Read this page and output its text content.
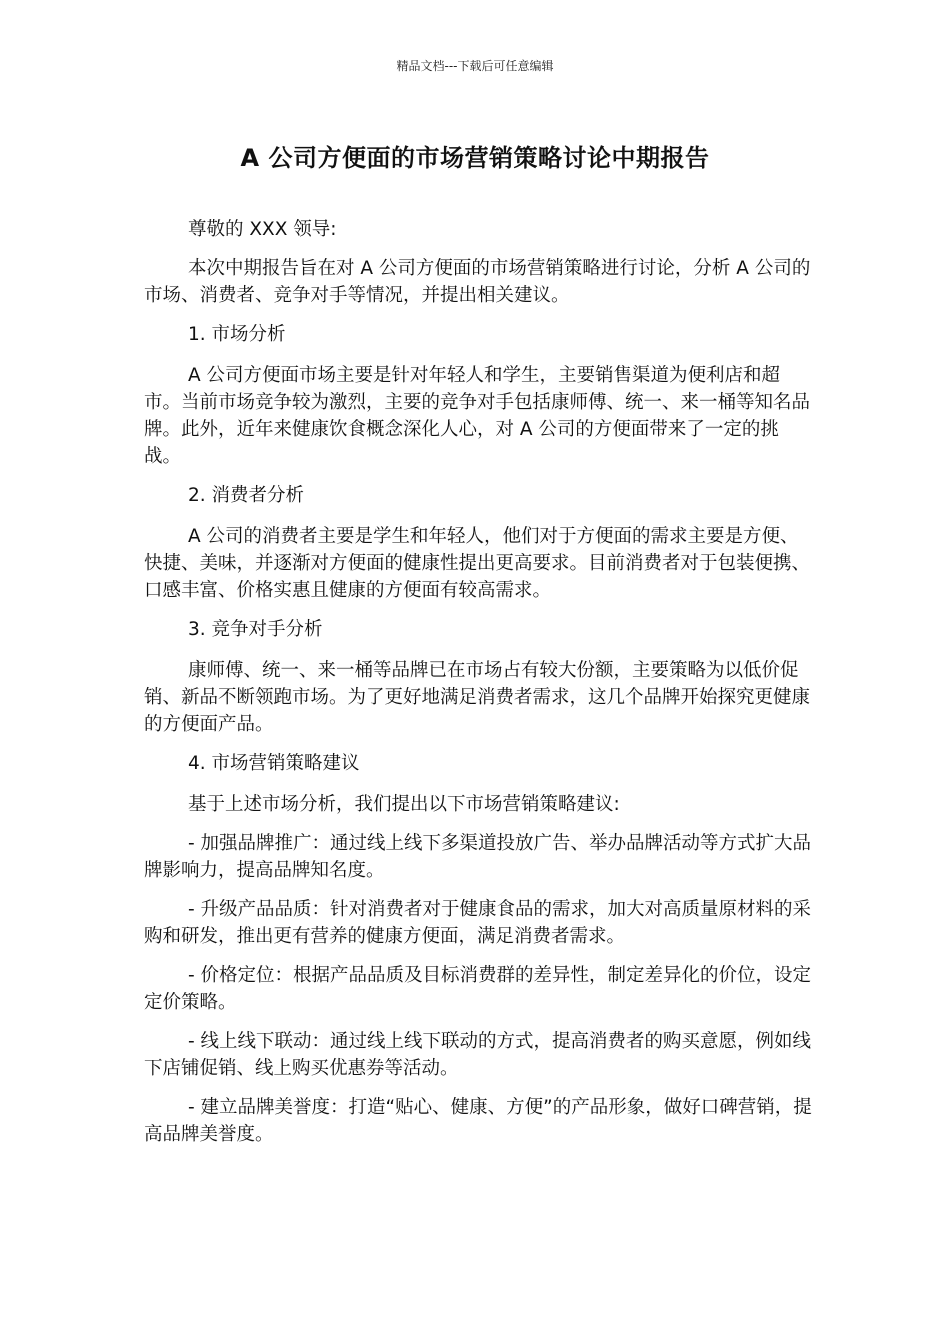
精品文档---下载后可任意编辑
A 公司方便面的市场营销策略讨论中期报告

尊敬的 XXX 领导:

本次中期报告旨在对 A 公司方便面的市场营销策略进行讨论，分析 A 公司的市场、消费者、竞争对手等情况，并提出相关建议。

1. 市场分析

A 公司方便面市场主要是针对年轻人和学生，主要销售渠道为便利店和超市。当前市场竞争较为激烈，主要的竞争对手包括康师傅、统一、来一桶等知名品牌。此外，近年来健康饮食概念深化人心，对 A 公司的方便面带来了一定的挑战。

2. 消费者分析

A 公司的消费者主要是学生和年轻人，他们对于方便面的需求主要是方便、快捷、美味，并逐渐对方便面的健康性提出更高要求。目前消费者对于包装便携、口感丰富、价格实惠且健康的方便面有较高需求。

3. 竞争对手分析

康师傅、统一、来一桶等品牌已在市场占有较大份额，主要策略为以低价促销、新品不断领跑市场。为了更好地满足消费者需求，这几个品牌开始探究更健康的方便面产品。

4. 市场营销策略建议

基于上述市场分析，我们提出以下市场营销策略建议:

- 加强品牌推广：通过线上线下多渠道投放广告、举办品牌活动等方式扩大品牌影响力，提高品牌知名度。

- 升级产品品质：针对消费者对于健康食品的需求，加大对高质量原材料的采购和研发，推出更有营养的健康方便面，满足消费者需求。

- 价格定位：根据产品品质及目标消费群的差异性，制定差异化的价位，设定定价策略。

- 线上线下联动：通过线上线下联动的方式，提高消费者的购买意愿，例如线下店铺促销、线上购买优惠券等活动。

- 建立品牌美誉度：打造“贴心、健康、方便”的产品形象，做好口碑营销，提高品牌美誉度。
